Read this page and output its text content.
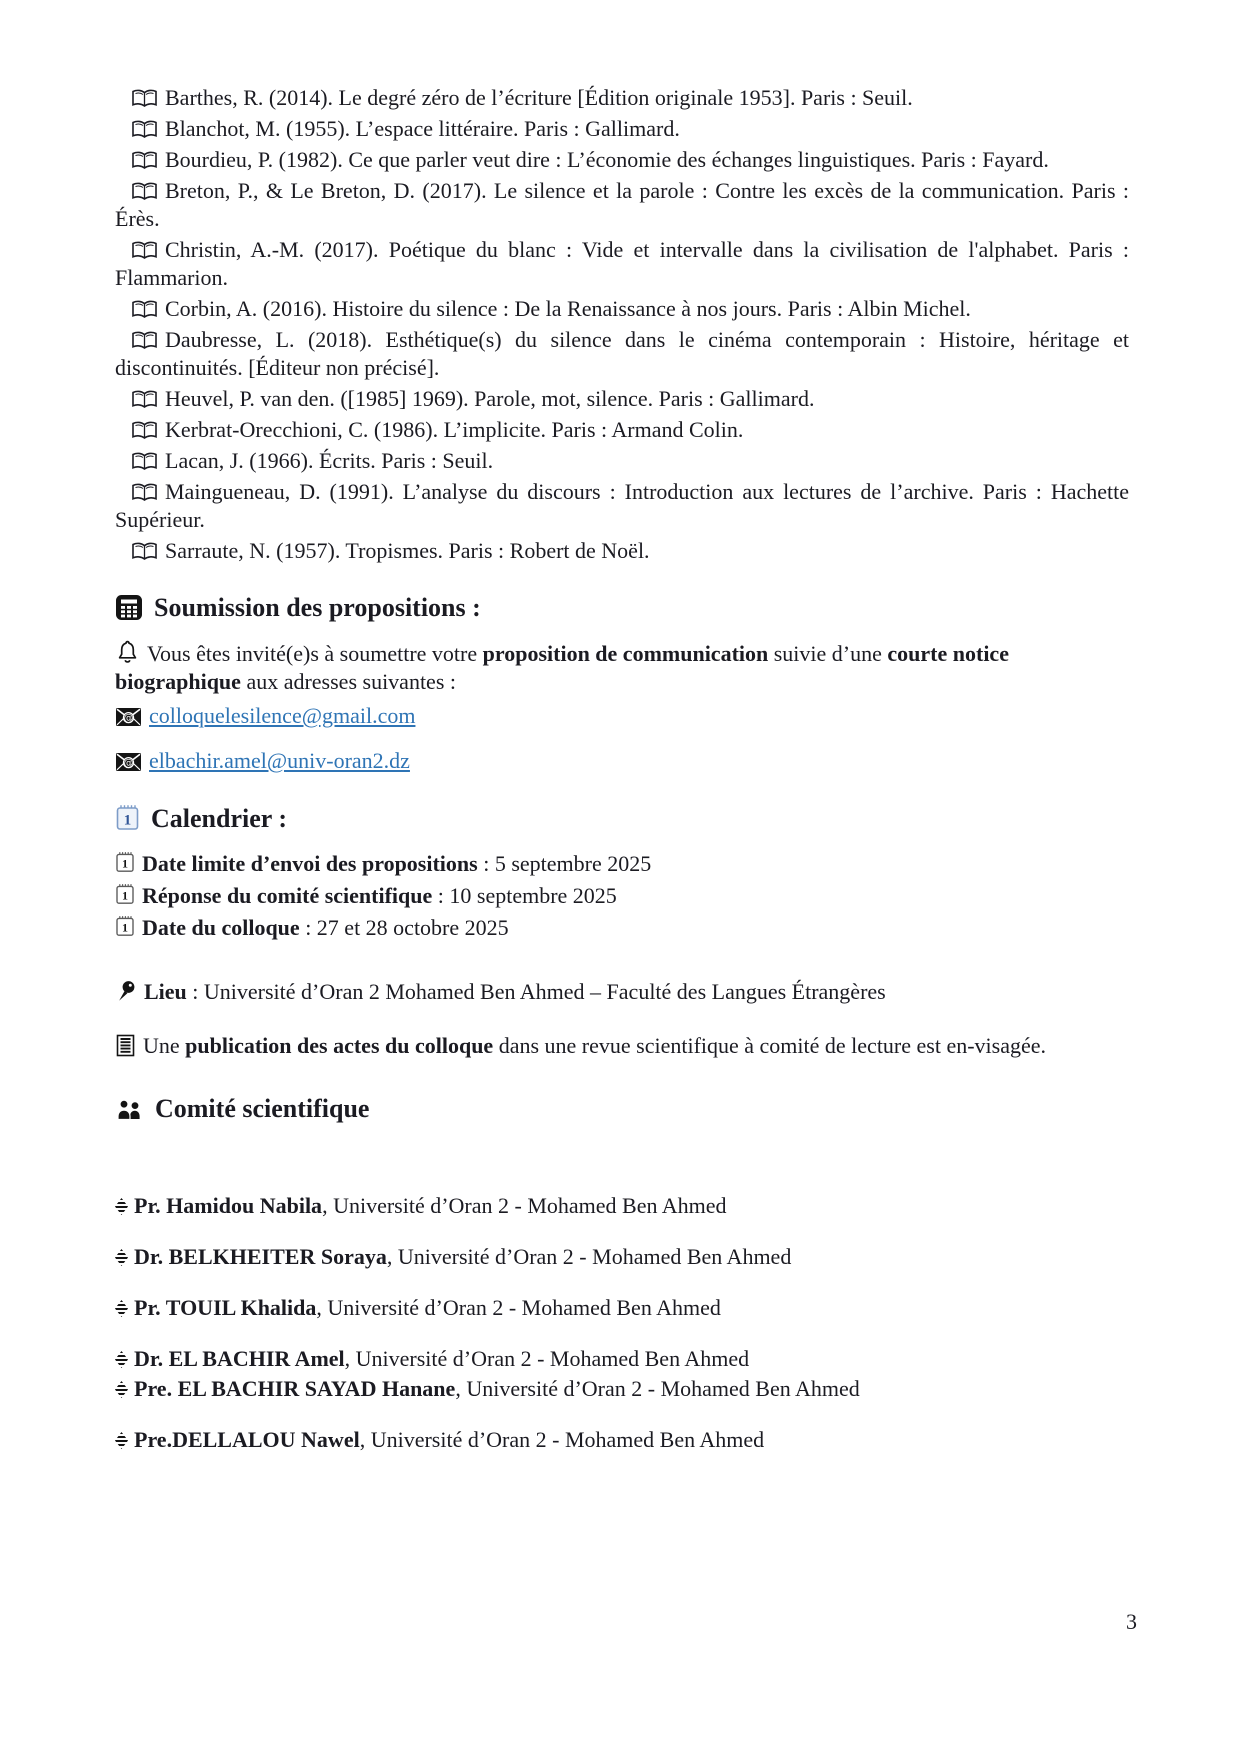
Barthes, R. (2014). Le degré zéro de l’écriture [Édition originale 1953]. Paris : Seuil.

Blanchot, M. (1955). L’espace littéraire. Paris : Gallimard.

Bourdieu, P. (1982). Ce que parler veut dire : L’économie des échanges linguistiques. Paris : Fayard.

Breton, P., & Le Breton, D. (2017). Le silence et la parole : Contre les excès de la communication. Paris : Érès.

Christin, A.-M. (2017). Poétique du blanc : Vide et intervalle dans la civilisation de l'alphabet. Paris : Flammarion.

Corbin, A. (2016). Histoire du silence : De la Renaissance à nos jours. Paris : Albin Michel.

Daubresse, L. (2018). Esthétique(s) du silence dans le cinéma contemporain : Histoire, héritage et discontinuités. [Éditeur non précisé].

Heuvel, P. van den. ([1985] 1969). Parole, mot, silence. Paris : Gallimard.

Kerbrat-Orecchioni, C. (1986). L’implicite. Paris : Armand Colin.

Lacan, J. (1966). Écrits. Paris : Seuil.

Maingueneau, D. (1991). L’analyse du discours : Introduction aux lectures de l’archive. Paris : Hachette Supérieur.

Sarraute, N. (1957). Tropismes. Paris : Robert de Noël.

Soumission des propositions :

Vous êtes invité(e)s à soumettre votre proposition de communication suivie d’une courte notice biographique aux adresses suivantes :

@ colloquelesilence@gmail.com

@ elbachir.amel@univ-oran2.dz

1 Calendrier :

1 Date limite d’envoi des propositions : 5 septembre 2025

1 Réponse du comité scientifique : 10 septembre 2025

1 Date du colloque : 27 et 28 octobre 2025

Lieu : Université d’Oran 2 Mohamed Ben Ahmed – Faculté des Langues Étrangères

Une publication des actes du colloque dans une revue scientifique à comité de lecture est en-visagée.

Comité scientifique

Pr. Hamidou Nabila, Université d’Oran 2 - Mohamed Ben Ahmed

Dr. BELKHEITER Soraya, Université d’Oran 2 - Mohamed Ben Ahmed

Pr. TOUIL Khalida, Université d’Oran 2 - Mohamed Ben Ahmed

Dr. EL BACHIR Amel, Université d’Oran 2 - Mohamed Ben Ahmed

Pre. EL BACHIR SAYAD Hanane, Université d’Oran 2 - Mohamed Ben Ahmed

Pre.DELLALOU Nawel, Université d’Oran 2 - Mohamed Ben Ahmed

3
